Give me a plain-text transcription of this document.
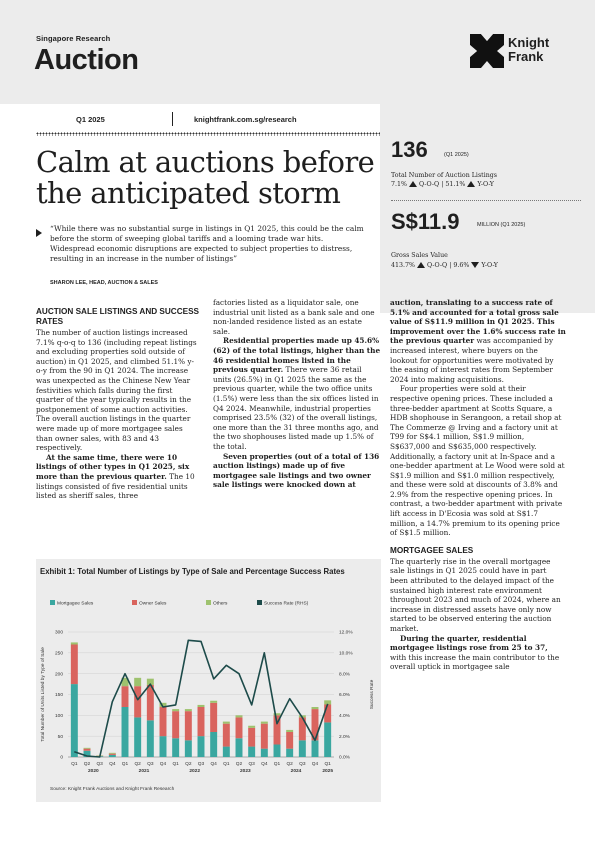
Singapore Research
Auction
Knight
Frank
Q1 2025	knightfrank.com.sg/research
Calm at auctions before the anticipated storm
“While there was no substantial surge in listings in Q1 2025, this could be the calm before the storm of sweeping global tariffs and a looming trade war hits. Widespread economic disruptions are expected to subject properties to distress, resulting in an increase in the number of listings”
SHARON LEE, HEAD, AUCTION & SALES
136	(Q1 2025)
Total Number of Auction Listings
7.1% Q-O-Q | 51.1% Y-O-Y
S$11.9	MILLION (Q1 2025)
Gross Sales Value
413.7% Q-O-Q | 9.6% Y-O-Y
AUCTION SALE LISTINGS AND SUCCESS RATES

The number of auction listings increased 7.1% q-o-q to 136 (including repeat listings and excluding properties sold outside of auction) in Q1 2025, and climbed 51.1% y-o-y from the 90 in Q1 2024. The increase was unexpected as the Chinese New Year festivities which falls during the first quarter of the year typically results in the postponement of some auction activities. The overall auction listings in the quarter were made up of more mortgagee sales than owner sales, with 83 and 43 respectively.

At the same time, there were 10 listings of other types in Q1 2025, six more than the previous quarter. The 10 listings consisted of five residential units listed as sheriff sales, three

factories listed as a liquidator sale, one industrial unit listed as a bank sale and one non-landed residence listed as an estate sale.

Residential properties made up 45.6% (62) of the total listings, higher than the 46 residential homes listed in the previous quarter. There were 36 retail units (26.5%) in Q1 2025 the same as the previous quarter, while the two office units (1.5%) were less than the six offices listed in Q4 2024. Meanwhile, industrial properties comprised 23.5% (32) of the overall listings, one more than the 31 three months ago, and the two shophouses listed made up 1.5% of the total.

Seven properties (out of a total of 136 auction listings) made up of five mortgagee sale listings and two owner sale listings were knocked down at

auction, translating to a success rate of 5.1% and accounted for a total gross sale value of S$11.9 million in Q1 2025. This improvement over the 1.6% success rate in the previous quarter was accompanied by increased interest, where buyers on the lookout for opportunities were motivated by the easing of interest rates from September 2024 into making acquisitions.

Four properties were sold at their respective opening prices. These included a three-bedder apartment at Scotts Square, a HDB shophouse in Serangoon, a retail shop at The Commerze @ Irving and a factory unit at T99 for S$4.1 million, S$1.9 million, S$637,000 and S$635,000 respectively. Additionally, a factory unit at In-Space and a one-bedder apartment at Le Wood were sold at S$1.9 million and S$1.0 million respectively, and these were sold at discounts of 3.8% and 2.9% from the respective opening prices. In contrast, a two-bedder apartment with private lift access in D'Ecosia was sold at S$1.7 million, a 14.7% premium to its opening price of S$1.5 million.

MORTGAGEE SALES

The quarterly rise in the overall mortgagee sale listings in Q1 2025 could have in part been attributed to the delayed impact of the sustained high interest rate environment throughout 2023 and much of 2024, where an increase in distressed assets have only now started to be observed entering the auction market.

During the quarter, residential mortgagee listings rose from 25 to 37, with this increase the main contributor to the overall uptick in mortgagee sale

Exhibit 1: Total Number of Listings by Type of Sale and Percentage Success Rates
0
50
100
150
200
250
300
0.0%
2.0%
4.0%
6.0%
8.0%
10.0%
12.0%
Total Number of Units Listed by Type of Sale	Success Rate
Q1 Q2 Q3 Q4 Q1 Q2 Q3 Q4 Q1 Q2 Q3 Q4 Q1 Q2 Q3 Q4 Q1 Q2 Q3 Q4 Q1
2020	2021	2022	2023	2024	2025
Mortgagee Sales	Owner Sales	Others	Success Rate (RHS)
Source: Knight Frank Auctions and Knight Frank Research
